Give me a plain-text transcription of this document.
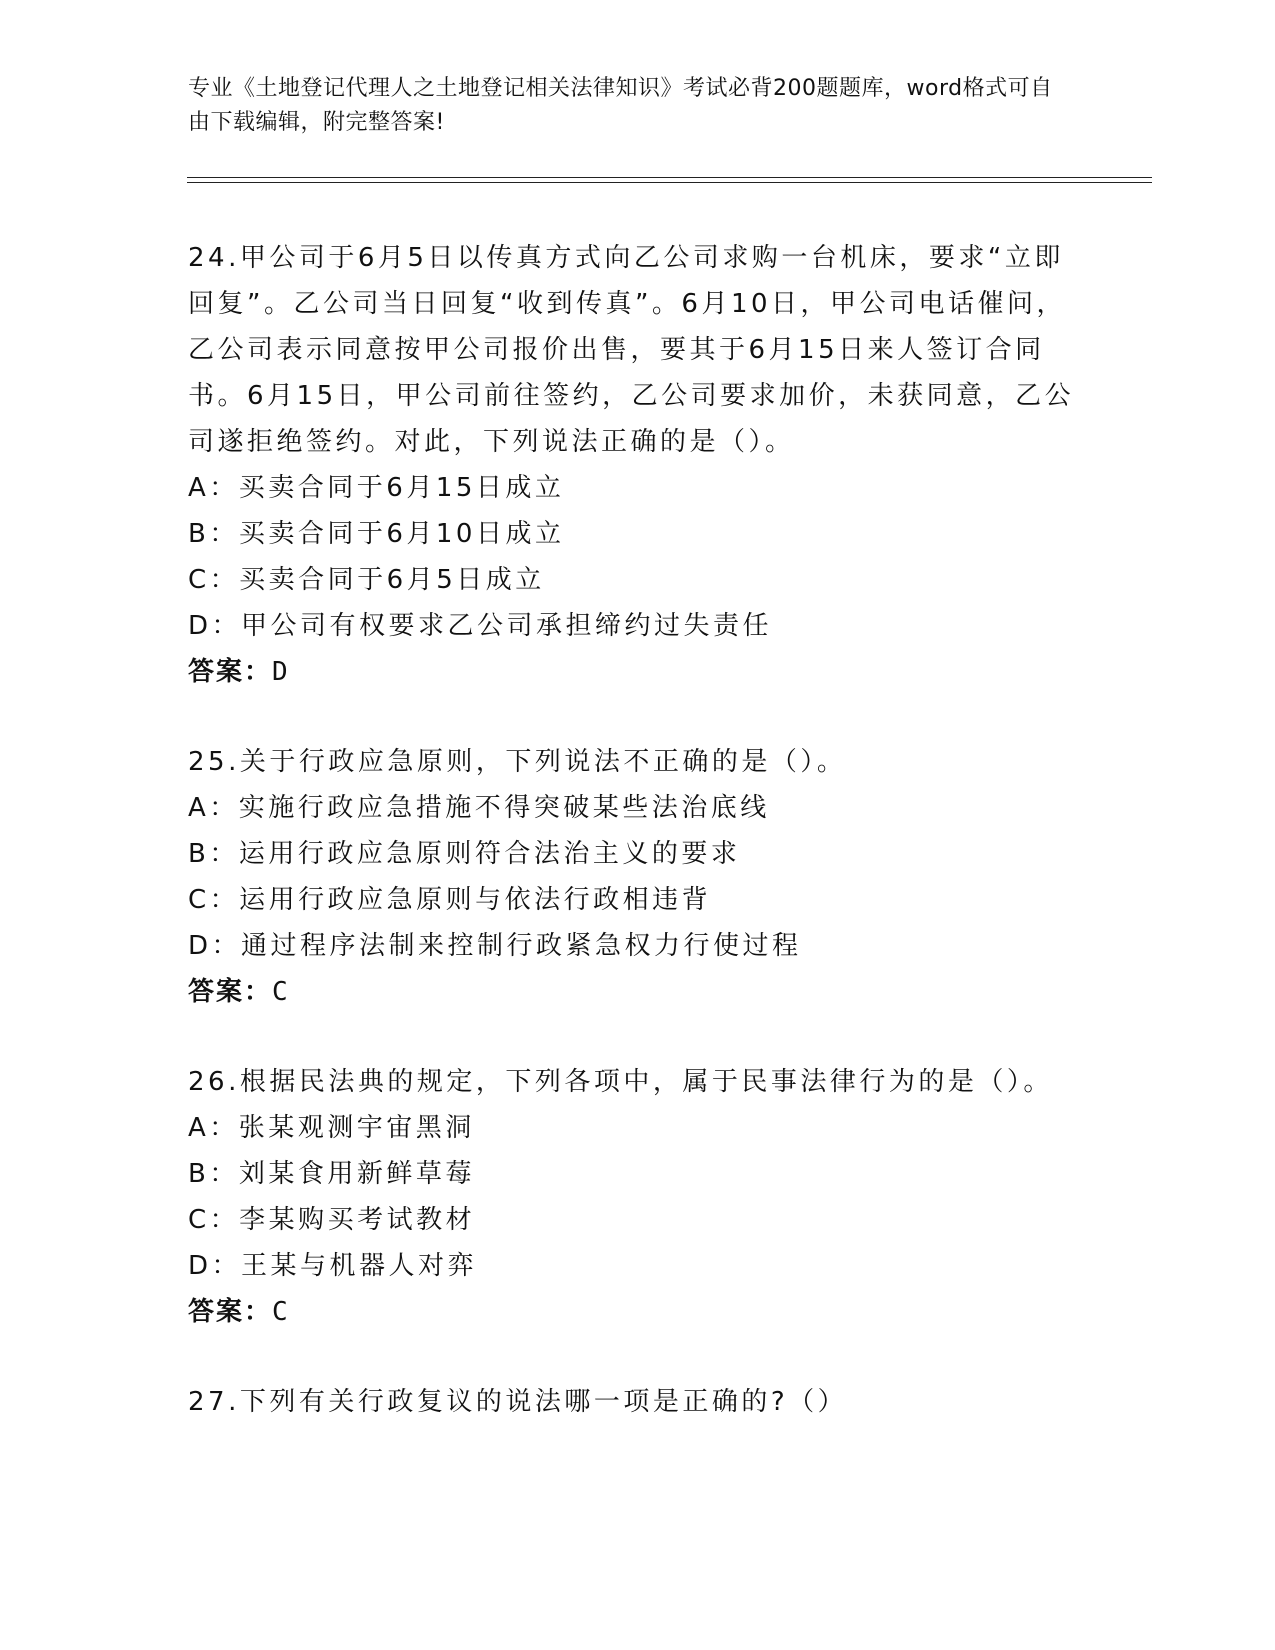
专业《土地登记代理人之土地登记相关法律知识》考试必背200题题库，word格式可自由下载编辑，附完整答案!

24.甲公司于6月5日以传真方式向乙公司求购一台机床，要求“立即回复”。乙公司当日回复“收到传真”。6月10日，甲公司电话催问，乙公司表示同意按甲公司报价出售，要其于6月15日来人签订合同书。6月15日，甲公司前往签约，乙公司要求加价，未获同意，乙公司遂拒绝签约。对此，下列说法正确的是（）。

A：买卖合同于6月15日成立

B：买卖合同于6月10日成立

C：买卖合同于6月5日成立

D：甲公司有权要求乙公司承担缔约过失责任

答案：D

25.关于行政应急原则，下列说法不正确的是（）。

A：实施行政应急措施不得突破某些法治底线

B：运用行政应急原则符合法治主义的要求

C：运用行政应急原则与依法行政相违背

D：通过程序法制来控制行政紧急权力行使过程

答案：C

26.根据民法典的规定，下列各项中，属于民事法律行为的是（）。

A：张某观测宇宙黑洞

B：刘某食用新鲜草莓

C：李某购买考试教材

D：王某与机器人对弈

答案：C

27.下列有关行政复议的说法哪一项是正确的?（）
